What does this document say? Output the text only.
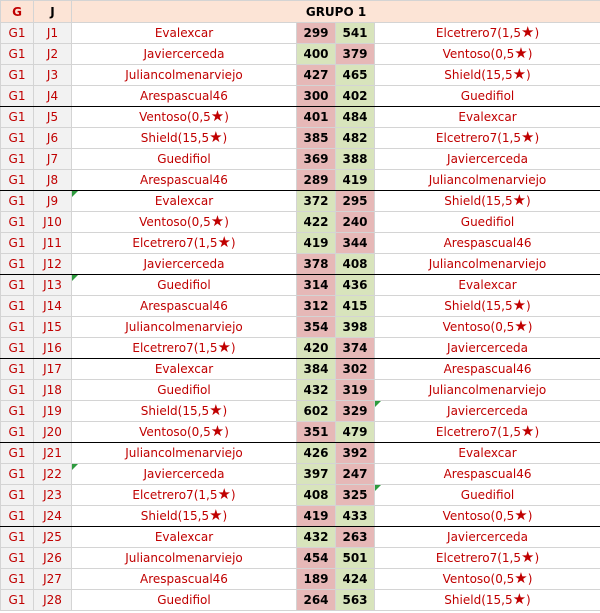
G	J	GRUPO 1			
G1	J1	Evalexcar	299	541	Elcetrero7(1,5★)
G1	J2	Javiercerceda	400	379	Ventoso(0,5★)
G1	J3	Juliancolmenarviejo	427	465	Shield(15,5★)
G1	J4	Arespascual46	300	402	Guedifiol
G1	J5	Ventoso(0,5★)	401	484	Evalexcar
G1	J6	Shield(15,5★)	385	482	Elcetrero7(1,5★)
G1	J7	Guedifiol	369	388	Javiercerceda
G1	J8	Arespascual46	289	419	Juliancolmenarviejo
G1	J9	Evalexcar	372	295	Shield(15,5★)
G1	J10	Ventoso(0,5★)	422	240	Guedifiol
G1	J11	Elcetrero7(1,5★)	419	344	Arespascual46
G1	J12	Javiercerceda	378	408	Juliancolmenarviejo
G1	J13	Guedifiol	314	436	Evalexcar
G1	J14	Arespascual46	312	415	Shield(15,5★)
G1	J15	Juliancolmenarviejo	354	398	Ventoso(0,5★)
G1	J16	Elcetrero7(1,5★)	420	374	Javiercerceda
G1	J17	Evalexcar	384	302	Arespascual46
G1	J18	Guedifiol	432	319	Juliancolmenarviejo
G1	J19	Shield(15,5★)	602	329	Javiercerceda

G1	J20	Ventoso(0,5★)	351	479	Elcetrero7(1,5★)
G1	J21	Juliancolmenarviejo	426	392	Evalexcar
G1	J22	Javiercerceda	397	247	Arespascual46
G1	J23	Elcetrero7(1,5★)	408	325	Guedifiol

G1	J24	Shield(15,5★)	419	433	Ventoso(0,5★)
G1	J25	Evalexcar	432	263	Javiercerceda
G1	J26	Juliancolmenarviejo	454	501	Elcetrero7(1,5★)
G1	J27	Arespascual46	189	424	Ventoso(0,5★)
G1	J28	Guedifiol	264	563	Shield(15,5★)
